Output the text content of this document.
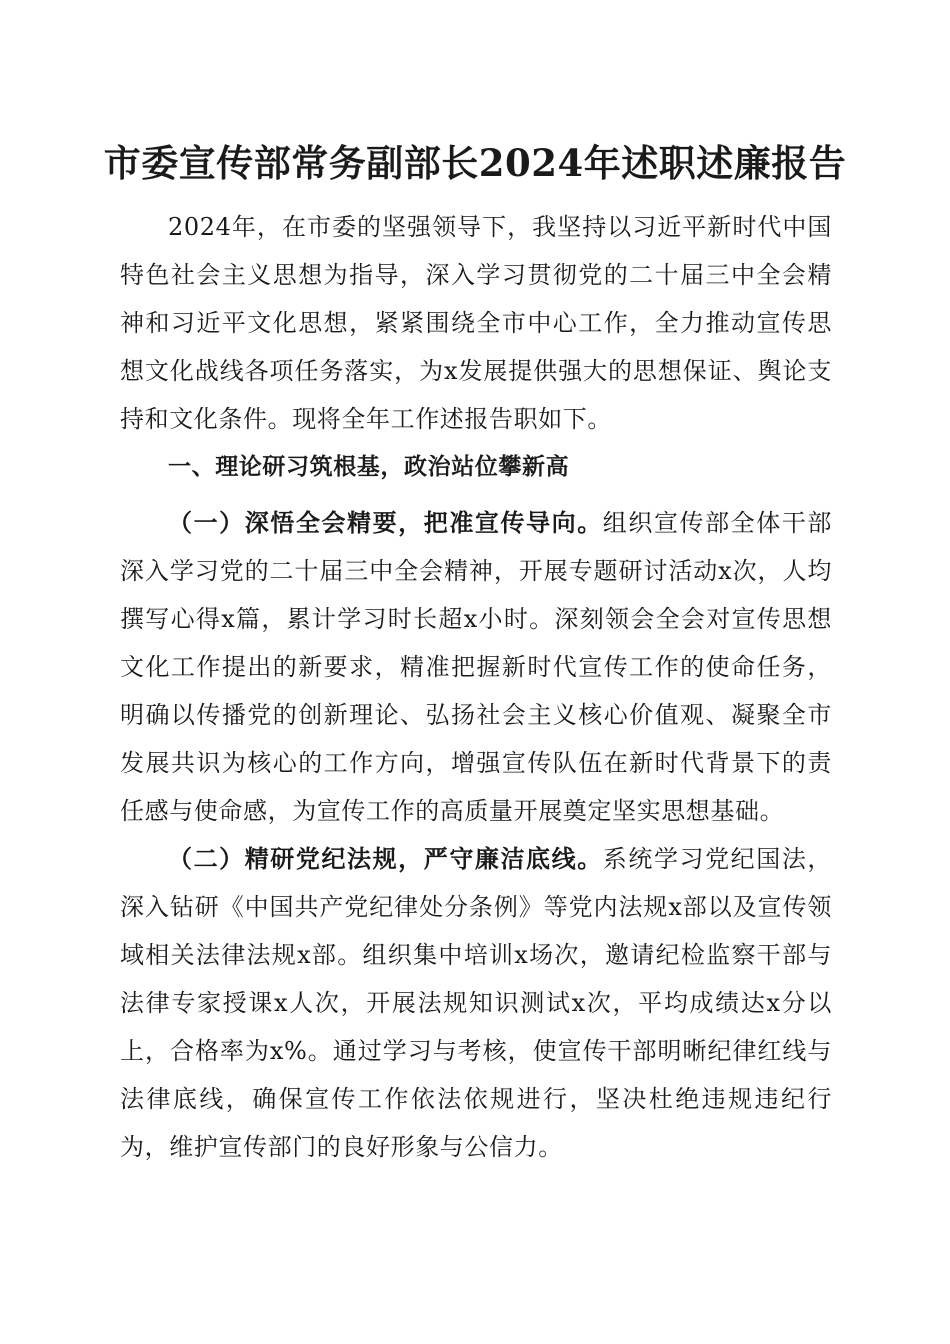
市委宣传部常务副部长2024年述职述廉报告

2024年，在市委的坚强领导下，我坚持以习近平新时代中国特色社会主义思想为指导，深入学习贯彻党的二十届三中全会精神和习近平文化思想，紧紧围绕全市中心工作，全力推动宣传思想文化战线各项任务落实，为x发展提供强大的思想保证、舆论支持和文化条件。现将全年工作述报告职如下。

一、理论研习筑根基，政治站位攀新高

（一）深悟全会精要，把准宣传导向。组织宣传部全体干部深入学习党的二十届三中全会精神，开展专题研讨活动x次，人均撰写心得x篇，累计学习时长超x小时。深刻领会全会对宣传思想文化工作提出的新要求，精准把握新时代宣传工作的使命任务，明确以传播党的创新理论、弘扬社会主义核心价值观、凝聚全市发展共识为核心的工作方向，增强宣传队伍在新时代背景下的责任感与使命感，为宣传工作的高质量开展奠定坚实思想基础。

（二）精研党纪法规，严守廉洁底线。系统学习党纪国法，深入钻研《中国共产党纪律处分条例》等党内法规x部以及宣传领域相关法律法规x部。组织集中培训x场次，邀请纪检监察干部与法律专家授课x人次，开展法规知识测试x次，平均成绩达x分以上，合格率为x%。通过学习与考核，使宣传干部明晰纪律红线与法律底线，确保宣传工作依法依规进行，坚决杜绝违规违纪行为，维护宣传部门的良好形象与公信力。
